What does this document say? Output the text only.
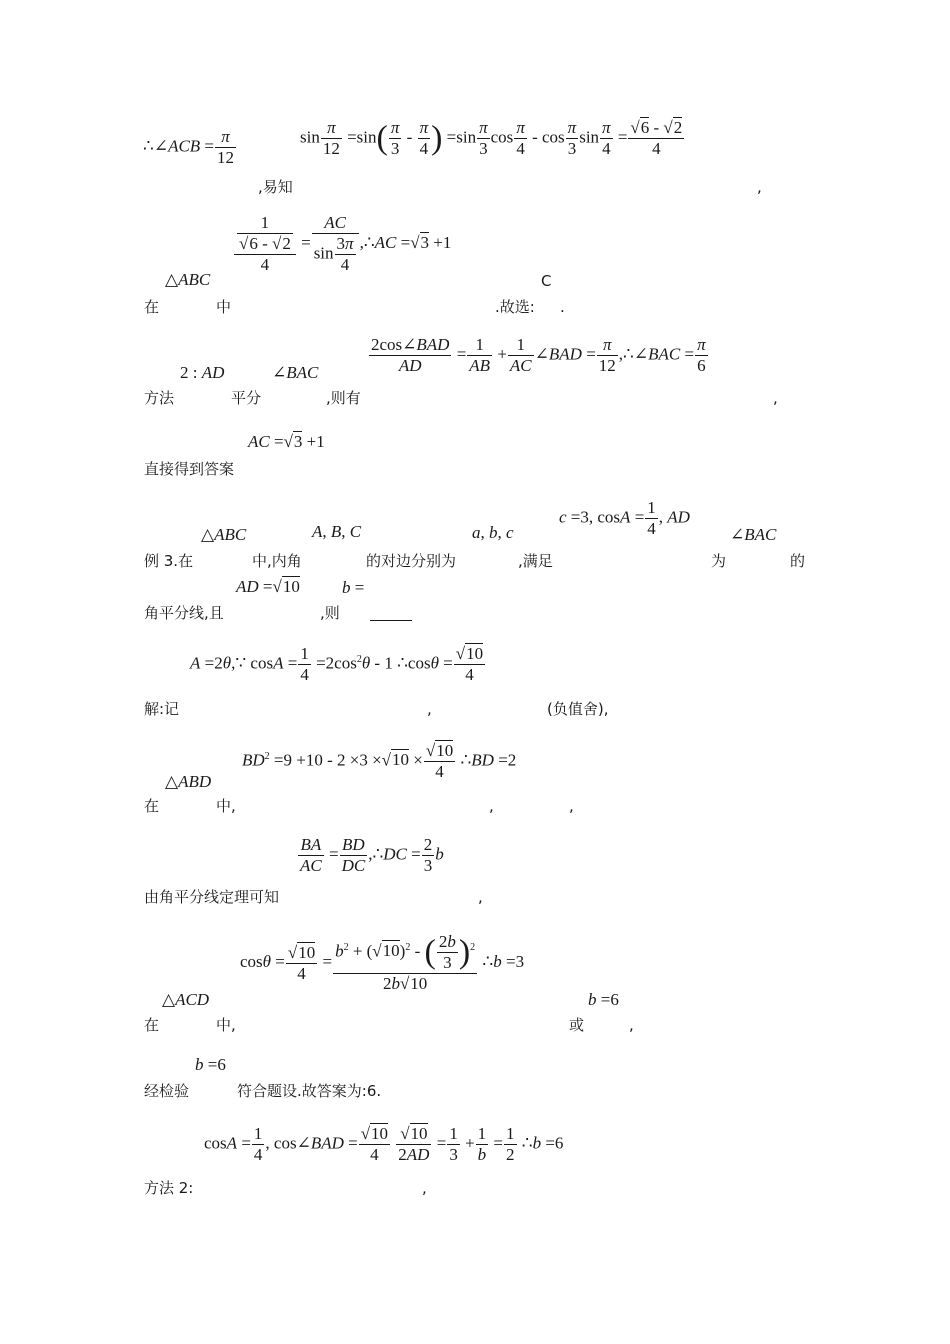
∴∠ACB = $\frac{\pi}{12}$	$\sin \frac{\pi}{12} =\sin( \frac{\pi}{3} - \frac{\pi}{4}$ ) $=\sin \frac{\pi}{3}$ $\cos \frac{\pi}{4}$ - $\cos \frac{\pi}{3}$ $\sin \frac{\pi}{4} = \frac{√6 - √2}{4}$
,易知	,
△ABC
$\frac{\frac{1}{√6 - √2}}{4} = \frac{AC}{\sin \frac{3\pi}{4}}$ ,∴AC =√3 +1
C
在	中	.故选: .
2 : AD	∠BAC	$\frac{\text{2cos∠BAD}}{AD} = \frac{1}{AB} + \frac{1}{AC}$ ∠BAD = $\frac{\pi}{12}$ ,∴∠BAC = $\frac{\pi}{6}$
方法	平分	,则有	,
AC =√3 +1
直接得到答案
△ABC	A, B, C	a, b, c
c =3, $\cos A = \frac{1}{4}$ , AD
∠BAC
例 3.在	中,内角	的对边分别为	,满足	为	的
AD =√10 b =
角平分线,且	,则
A =2θ,∵ $\cos A = \frac{1}{4} =2\cos^2\theta - 1$ ∴cosθ = $\frac{√10}{4}$
解:记	,	(负值舍),
△ABD
$BD^2 =9 +10 - 2 \times 3 \times√10 \times \frac{√10}{4}$ ∴BD =2
在	中,	,	,
$\frac{BA}{AC} = \frac{BD}{DC}$ ,∴DC = $\frac{2}{3}$ b
由角平分线定理可知	,
△ACD
$\cos\theta = \frac{√10}{4} = \frac{b^2 + (√10)^2 - ( \frac{2b}{3} )^2}{2b√10}$ ∴b =3
b =6
在	中,	或	,
b =6
经检验	符合题设.故答案为:6.
$\cos A = \frac{1}{4}$ , cos∠BAD = $\frac{√10}{4}$
$\frac{√10}{2AD} = \frac{1}{3} + \frac{1}{b} = \frac{1}{2}$ ∴b =6
方法 2:	,
